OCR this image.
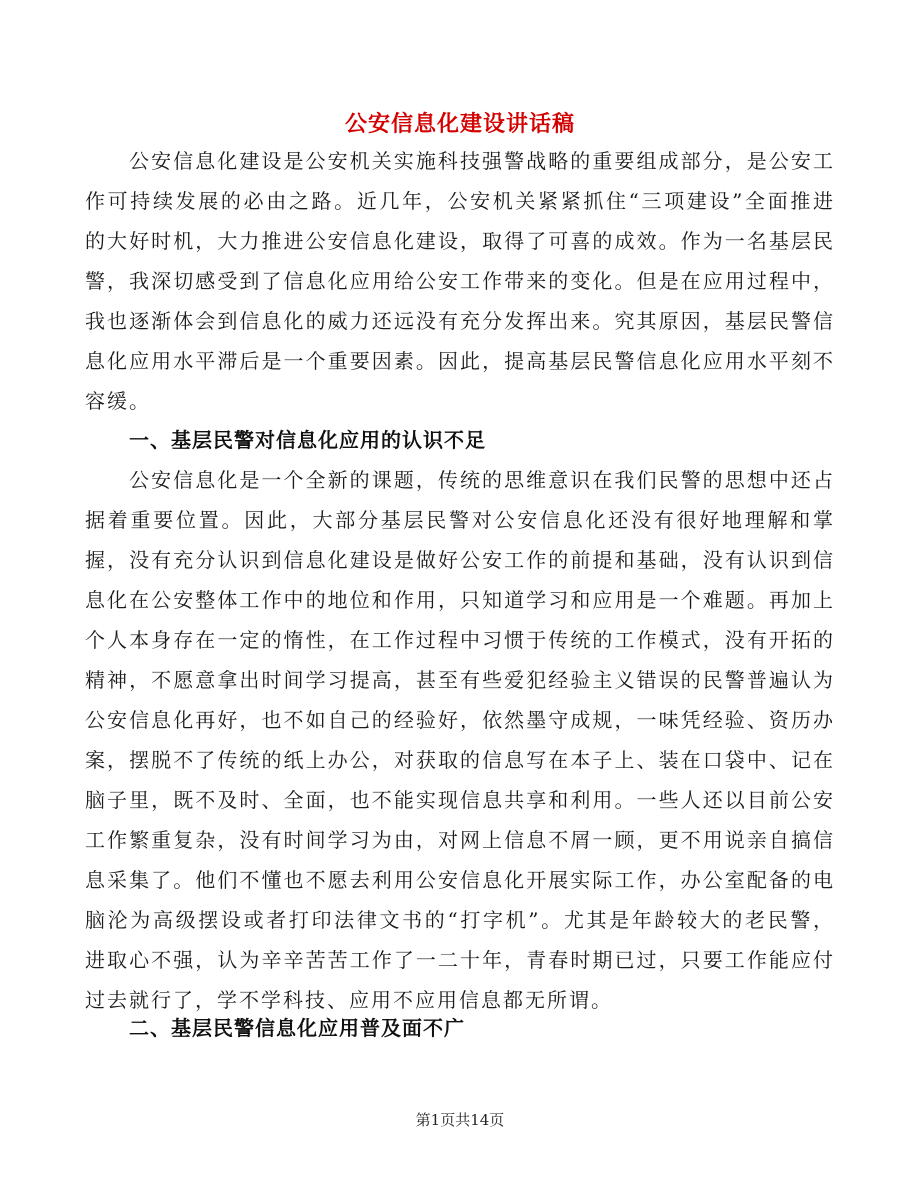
公安信息化建设讲话稿

公安信息化建设是公安机关实施科技强警战略的重要组成部分，是公安工作可持续发展的必由之路。近几年，公安机关紧紧抓住“三项建设”全面推进的大好时机，大力推进公安信息化建设，取得了可喜的成效。作为一名基层民警，我深切感受到了信息化应用给公安工作带来的变化。但是在应用过程中，我也逐渐体会到信息化的威力还远没有充分发挥出来。究其原因，基层民警信息化应用水平滞后是一个重要因素。因此，提高基层民警信息化应用水平刻不容缓。

一、基层民警对信息化应用的认识不足

公安信息化是一个全新的课题，传统的思维意识在我们民警的思想中还占据着重要位置。因此，大部分基层民警对公安信息化还没有很好地理解和掌握，没有充分认识到信息化建设是做好公安工作的前提和基础，没有认识到信息化在公安整体工作中的地位和作用，只知道学习和应用是一个难题。再加上个人本身存在一定的惰性，在工作过程中习惯于传统的工作模式，没有开拓的精神，不愿意拿出时间学习提高，甚至有些爱犯经验主义错误的民警普遍认为公安信息化再好，也不如自己的经验好，依然墨守成规，一味凭经验、资历办案，摆脱不了传统的纸上办公，对获取的信息写在本子上、装在口袋中、记在脑子里，既不及时、全面，也不能实现信息共享和利用。一些人还以目前公安工作繁重复杂，没有时间学习为由，对网上信息不屑一顾，更不用说亲自搞信息采集了。他们不懂也不愿去利用公安信息化开展实际工作，办公室配备的电脑沦为高级摆设或者打印法律文书的“打字机”。尤其是年龄较大的老民警，进取心不强，认为辛辛苦苦工作了一二十年，青春时期已过，只要工作能应付过去就行了，学不学科技、应用不应用信息都无所谓。

二、基层民警信息化应用普及面不广

第1页共14页
